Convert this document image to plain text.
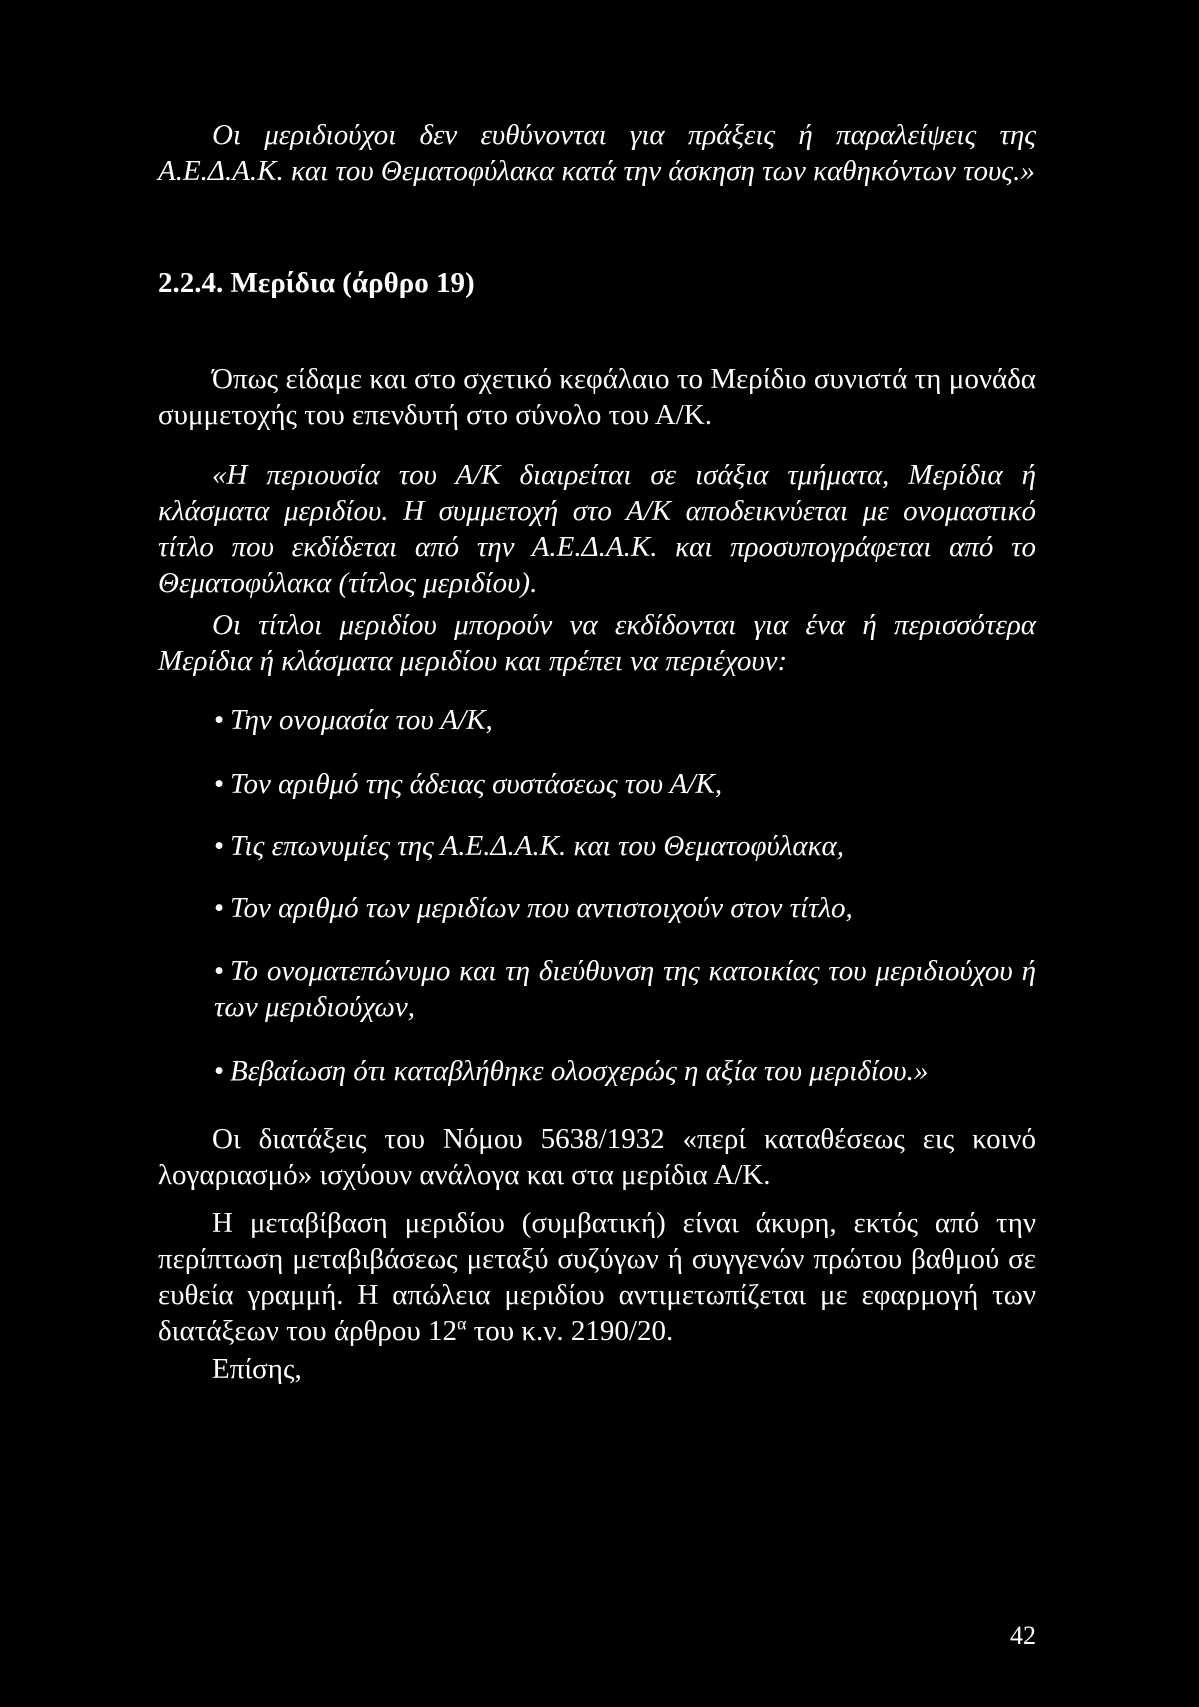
Οι μεριδιούχοι δεν ευθύνονται για πράξεις ή παραλείψεις της Α.Ε.Δ.Α.Κ. και του Θεματοφύλακα κατά την άσκηση των καθηκόντων τους.»

2.2.4. Μερίδια (άρθρο 19)

Όπως είδαμε και στο σχετικό κεφάλαιο το Μερίδιο συνιστά τη μονάδα συμμετοχής του επενδυτή στο σύνολο του Α/Κ.

«Η περιουσία του Α/Κ διαιρείται σε ισάξια τμήματα, Μερίδια ή κλάσματα μεριδίου. Η συμμετοχή στο Α/Κ αποδεικνύεται με ονομαστικό τίτλο που εκδίδεται από την Α.Ε.Δ.Α.Κ. και προσυπογράφεται από το Θεματοφύλακα (τίτλος μεριδίου).

Οι τίτλοι μεριδίου μπορούν να εκδίδονται για ένα ή περισσότερα Μερίδια ή κλάσματα μεριδίου και πρέπει να περιέχουν:

• Την ονομασία του Α/Κ,

• Τον αριθμό της άδειας συστάσεως του Α/Κ,

• Τις επωνυμίες της Α.Ε.Δ.Α.Κ. και του Θεματοφύλακα,

• Τον αριθμό των μεριδίων που αντιστοιχούν στον τίτλο,

• Το ονοματεπώνυμο και τη διεύθυνση της κατοικίας του μεριδιούχου ή των μεριδιούχων,

• Βεβαίωση ότι καταβλήθηκε ολοσχερώς η αξία του μεριδίου.»

Οι διατάξεις του Νόμου 5638/1932 «περί καταθέσεως εις κοινό λογαριασμό» ισχύουν ανάλογα και στα μερίδια Α/Κ.

Η μεταβίβαση μεριδίου (συμβατική) είναι άκυρη, εκτός από την περίπτωση μεταβιβάσεως μεταξύ συζύγων ή συγγενών πρώτου βαθμού σε ευθεία γραμμή. Η απώλεια μεριδίου αντιμετωπίζεται με εφαρμογή των διατάξεων του άρθρου $12^\alpha$ του κ.ν. 2190/20.

Επίσης,

42
